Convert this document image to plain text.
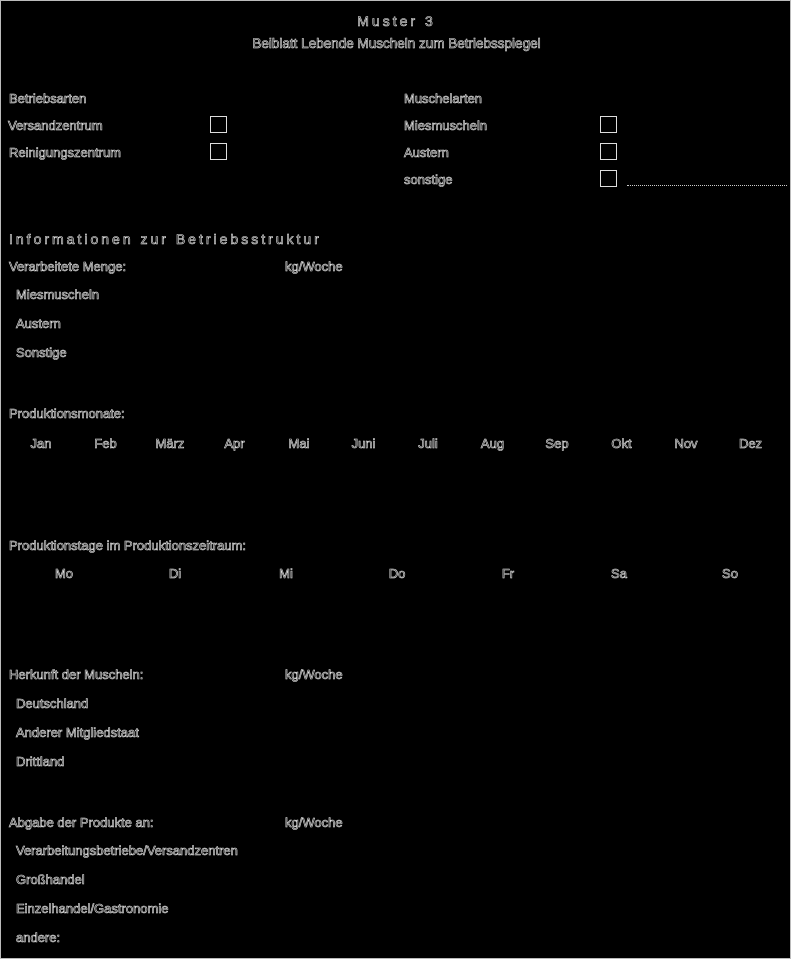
Muster 3
Beiblatt Lebende Muscheln zum Betriebsspiegel
Betriebsarten
Versandzentrum
Reinigungszentrum
Muschelarten
Miesmuscheln
Austern
sonstige
Informationen zur Betriebsstruktur
Verarbeitete Menge:	kg/Woche
Miesmuscheln
Austern
Sonstige
Produktionsmonate:
Produktionstage im Produktionszeitraum:
Herkunft der Muscheln:	kg/Woche
Deutschland
Anderer Mitgliedstaat
Drittland
Abgabe der Produkte an:	kg/Woche
Verarbeitungsbetriebe/Versandzentren
Großhandel
Einzelhandel/Gastronomie
andere:
Jan	Feb	März	Apr	Mai	Juni	Juli	Aug	Sep	Okt	Nov	Dez
Mo	Di	Mi	Do	Fr	Sa	So
